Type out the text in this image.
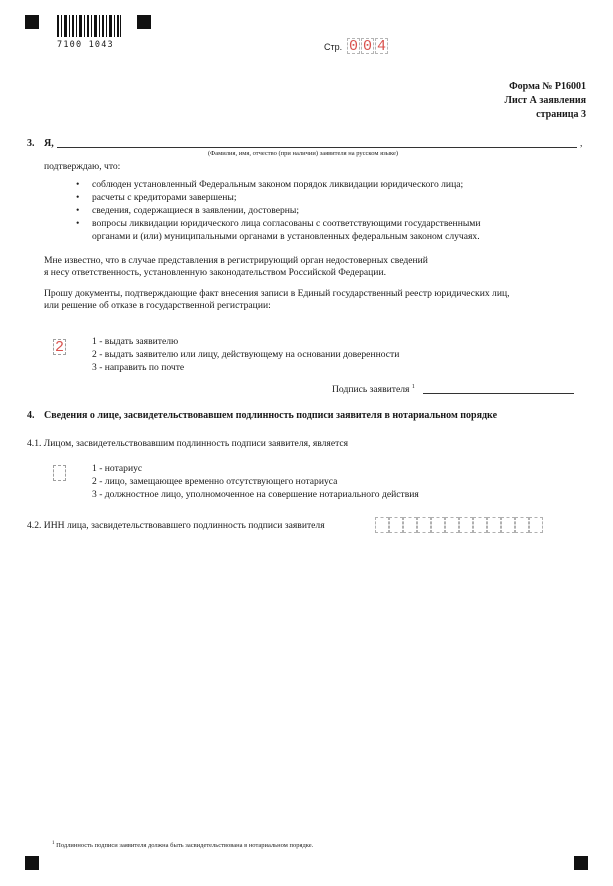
7100 1043	Стр. 0 0 4
Форма № Р16001
Лист А заявления
страница 3
3. Я,	,
(Фамилия, имя, отчество (при наличии) заявителя на русском языке)
подтверждаю, что:
• соблюден установленный Федеральным законом порядок ликвидации юридического лица;
• расчеты с кредиторами завершены;
• сведения, содержащиеся в заявлении, достоверны;
• вопросы ликвидации юридического лица согласованы с соответствующими государственными органами и (или) муниципальными органами в установленных федеральным законом случаях.
Мне известно, что в случае представления в регистрирующий орган недостоверных сведений
я несу ответственность, установленную законодательством Российской Федерации.
Прошу документы, подтверждающие факт внесения записи в Единый государственный реестр юридических лиц,
или решение об отказе в государственной регистрации:
2	1 - выдать заявителю
2 - выдать заявителю или лицу, действующему на основании доверенности
3 - направить по почте
Подпись заявителя $^1$
4. Сведения о лице, засвидетельствовавшем подлинность подписи заявителя в нотариальном порядке
4.1. Лицом, засвидетельствовавшим подлинность подписи заявителя, является
1 - нотариус
2 - лицо, замещающее временно отсутствующего нотариуса
3 - должностное лицо, уполномоченное на совершение нотариального действия
4.2. ИНН лица, засвидетельствовавшего подлинность подписи заявителя
$^1$ Подлинность подписи заявителя должна быть засвидетельствована в нотариальном порядке.
